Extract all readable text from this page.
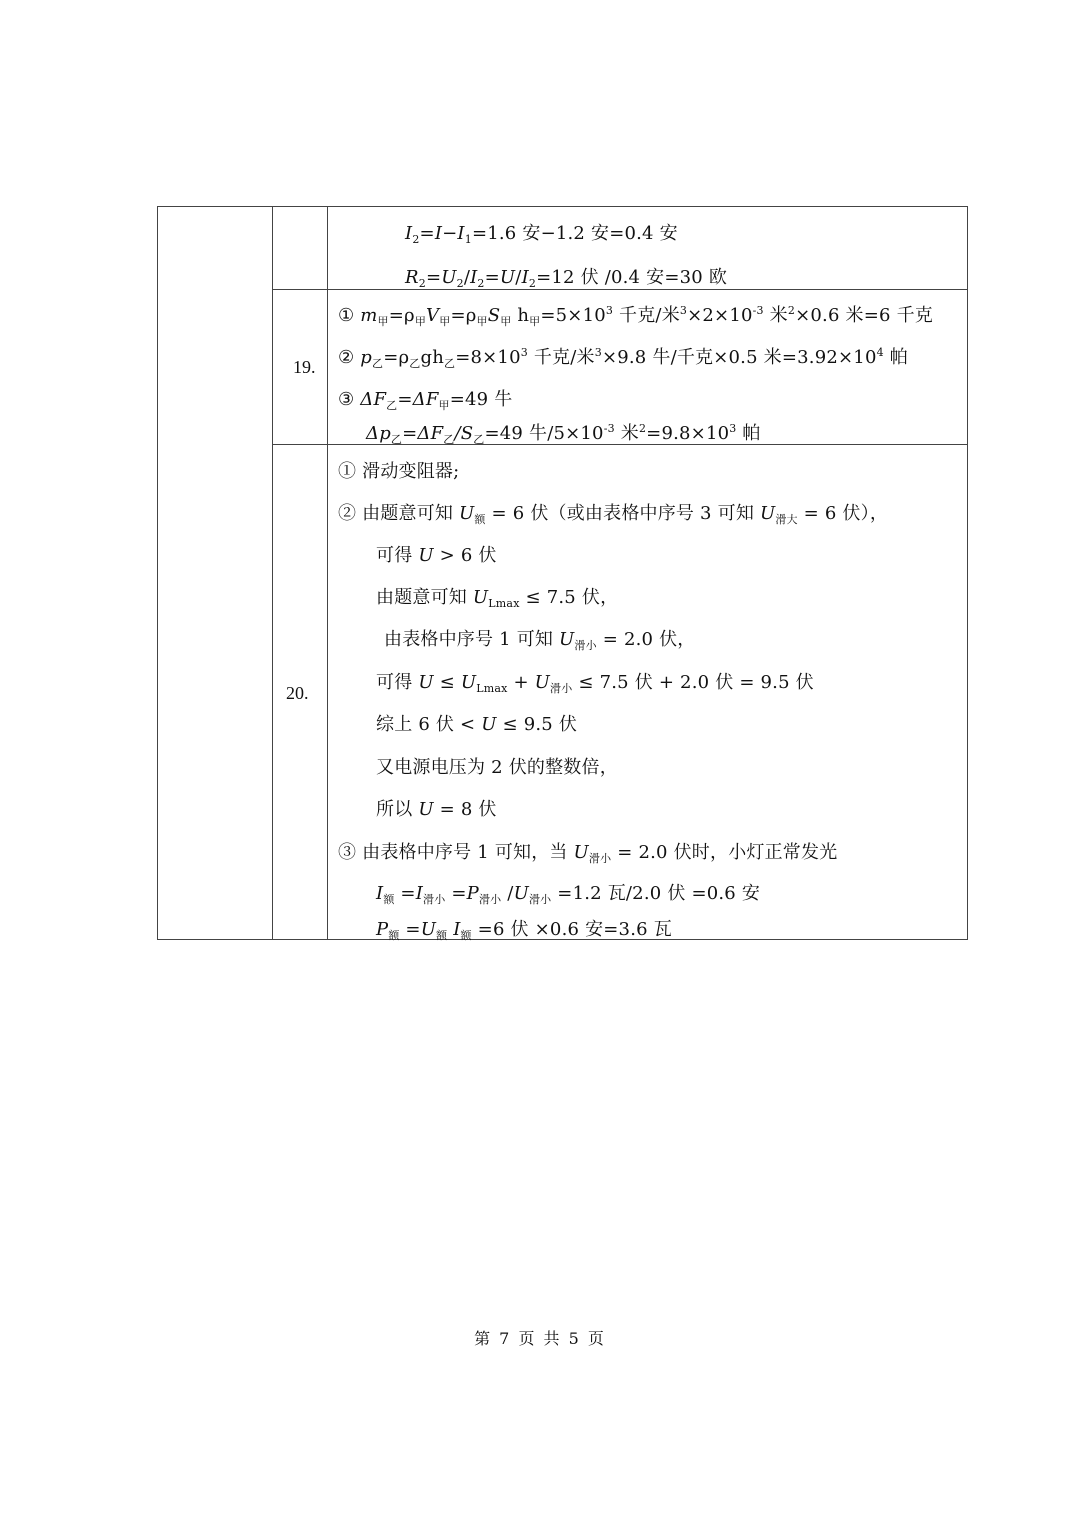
$I_2=I-I_1=1.6$ 安−1.2 安=0.4 安
$R_2=U_2/I_2=U/I_2=12$ 伏 /0.4 安=30 欧
19.
① $m_甲=\rho_甲V_甲=\rho_甲S_甲$ $h_甲=5\times 10^3$ 千克/米$^3\times 2\times 10^{-3}$ 米$^2$×0.6 米=6 千克
② $p_乙=\rho_乙gh_乙=8\times 10^3$ 千克/米$^3$×9.8 牛/千克×0.5 米$=3.92\times 10^4$ 帕
③ $\Delta F_乙=\Delta F_甲=49$ 牛
$\Delta p_乙=\Delta F_乙/S_乙=49$ 牛$/5\times 10^{-3}$ 米$^2=9.8\times 10^3$ 帕
20.
① 滑动变阻器;
② 由题意可知 $U_额 = 6$ 伏（或由表格中序号 3 可知 $U_{滑大} = 6$ 伏），
可得 U > 6 伏
由题意可知 $U_{Lmax} \le 7.5$ 伏，
由表格中序号 1 可知 $U_{滑小} = 2.0$ 伏，
可得 $U \le U_{Lmax} + U_{滑小} \le 7.5$ 伏 + 2.0 伏 = 9.5 伏
综上 6 伏 < U ≤ 9.5 伏
又电源电压为 2 伏的整数倍，
所以 U = 8 伏
③ 由表格中序号 1 可知，当 $U_{滑小} = 2.0$ 伏时，小灯正常发光
$I_额 =I_{滑小} =P_{滑小}$ $/U_{滑小} =1.2$ 瓦/2.0 伏 =0.6 安
$P_额 =U_额$ $I_额 =6$ 伏 ×0.6 安=3.6 瓦
第 7 页 共 5 页
